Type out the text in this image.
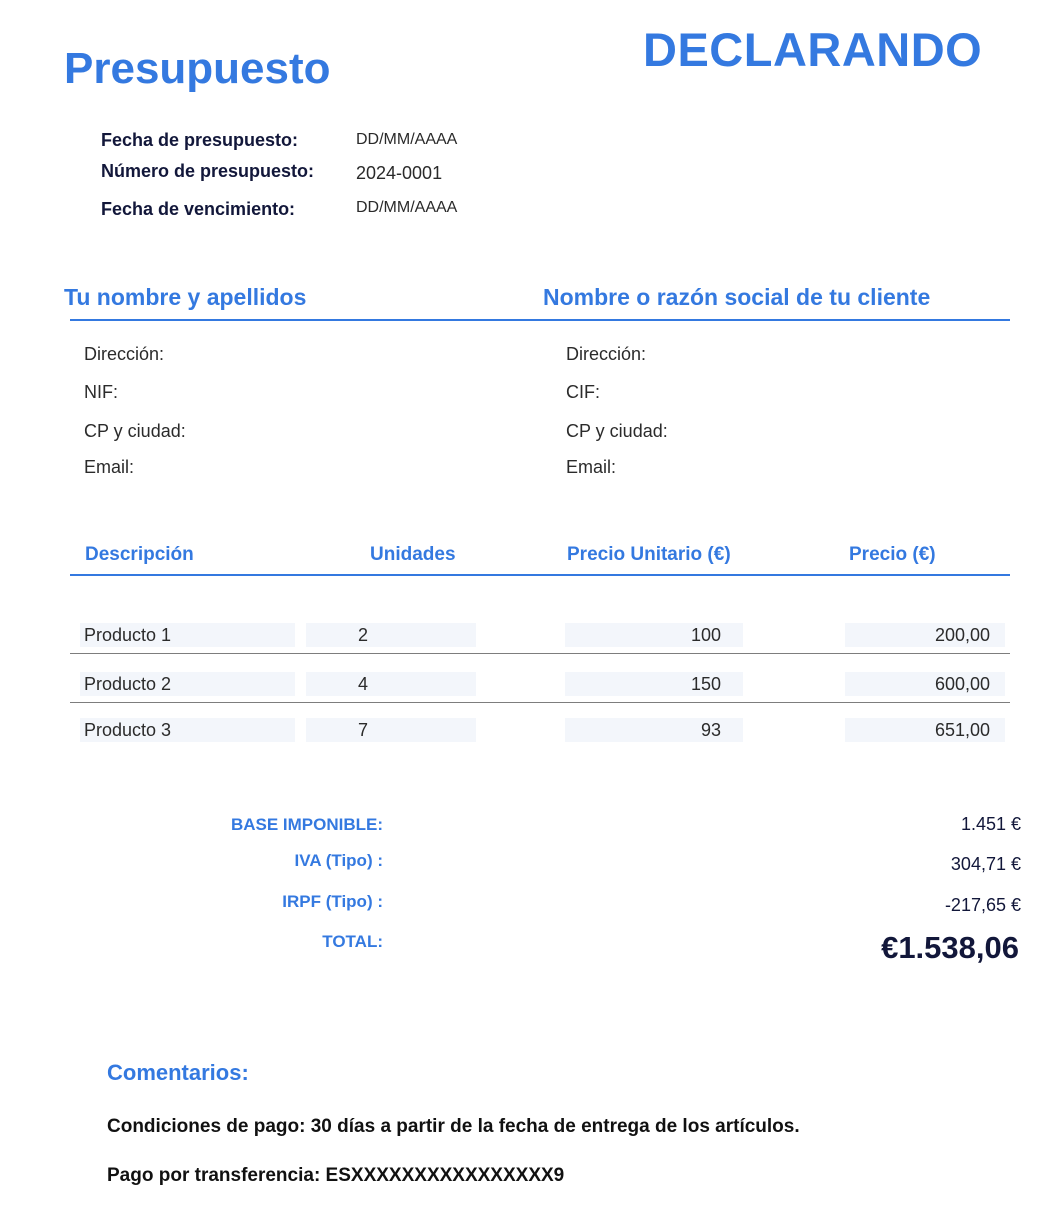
Presupuesto	DECLARANDO
Fecha de presupuesto:	DD/MM/AAAA
Número de presupuesto: 2024-0001
Fecha de vencimiento:	DD/MM/AAAA
Tu nombre y apellidos	Nombre o razón social de tu cliente
Dirección:
NIF:
CP y ciudad:
Email:
Dirección:
CIF:
CP y ciudad:
Email:
Descripción	Unidades	Precio Unitario (€)	Precio (€)
Producto 1	2	100	200,00
Producto 2	4	150	600,00
Producto 3	7	93	651,00
BASE IMPONIBLE:	1.451 €
IVA (Tipo) :	304,71 €
IRPF (Tipo) :	-217,65 €
TOTAL:	€1.538,06
Comentarios:
Condiciones de pago: 30 días a partir de la fecha de entrega de los artículos.
Pago por transferencia: ESXXXXXXXXXXXXXXXX9
